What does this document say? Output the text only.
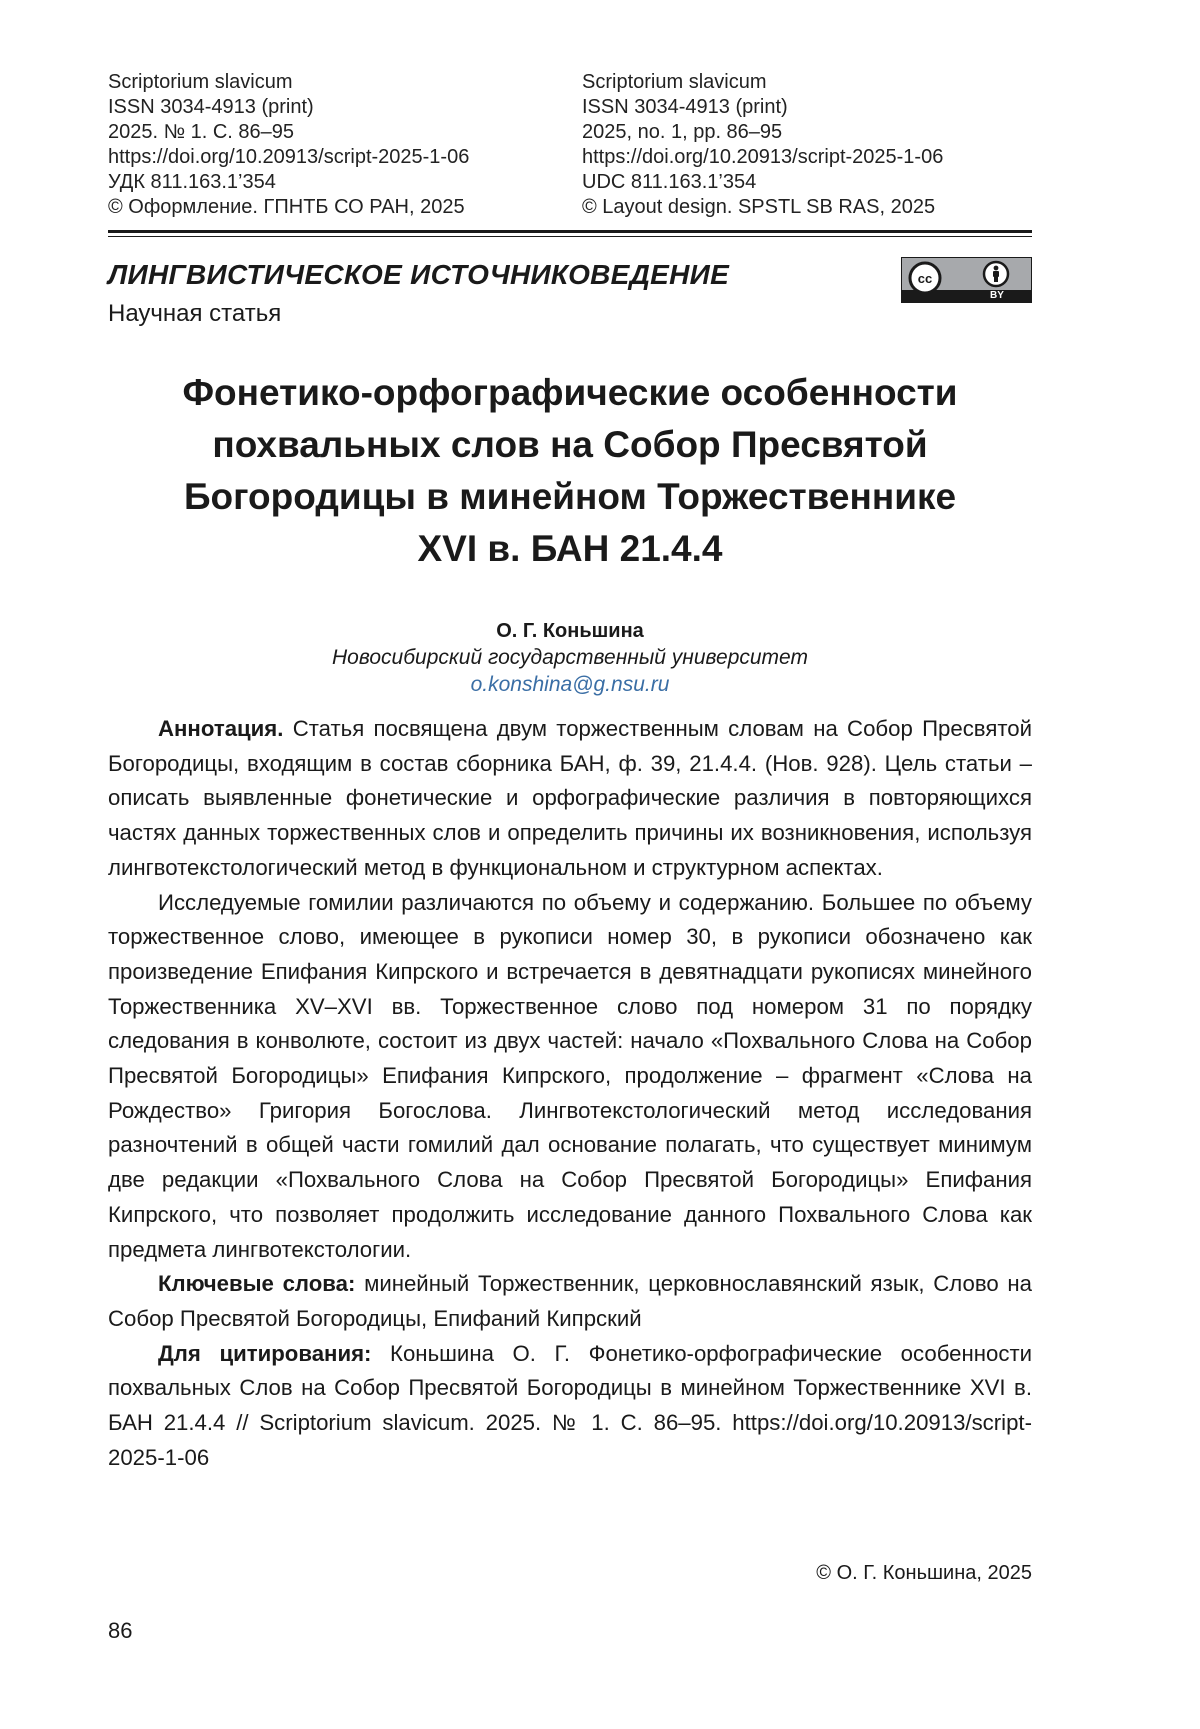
Scriptorium slavicum
ISSN 3034-4913 (print)
2025. № 1. С. 86–95
https://doi.org/10.20913/script-2025-1-06
УДК 811.163.1’354
© Оформление. ГПНТБ СО РАН, 2025
Scriptorium slavicum
ISSN 3034-4913 (print)
2025, no. 1, pp. 86–95
https://doi.org/10.20913/script-2025-1-06
UDC 811.163.1’354
© Layout design. SPSTL SB RAS, 2025
ЛИНГВИСТИЧЕСКОЕ ИСТОЧНИКОВЕДЕНИЕ
Научная статья
cc
BY
Фонетико-орфографические особенности
похвальных слов на Собор Пресвятой
Богородицы в минейном Торжественнике
XVI в. БАН 21.4.4
О. Г. Коньшина
Новосибирский государственный университет
o.konshina@g.nsu.ru

Аннотация. Статья посвящена двум торжественным словам на Собор Пресвятой Богородицы, входящим в состав сборника БАН, ф. 39, 21.4.4. (Нов. 928). Цель статьи – описать выявленные фонетические и орфографические различия в повторяющихся частях данных торжественных слов и определить причины их возникновения, используя лингвотекстологический метод в функциональном и структурном аспектах.

Исследуемые гомилии различаются по объему и содержанию. Большее по объему торжественное слово, имеющее в рукописи номер 30, в рукописи обозначено как произведение Епифания Кипрского и встречается в девятнадцати рукописях минейного Торжественника XV–XVI вв. Торжественное слово под номером 31 по порядку следования в конволюте, состоит из двух частей: начало «Похвального Слова на Собор Пресвятой Богородицы» Епифания Кипрского, продолжение – фрагмент «Слова на Рождество» Григория Богослова. Лингвотекстологический метод исследования разночтений в общей части гомилий дал основание полагать, что существует минимум две редакции «Похвального Слова на Собор Пресвятой Богородицы» Епифания Кипрского, что позволяет продолжить исследование данного Похвального Слова как предмета лингвотекстологии.

Ключевые слова: минейный Торжественник, церковнославянский язык, Слово на Собор Пресвятой Богородицы, Епифаний Кипрский

Для цитирования: Коньшина О. Г. Фонетико-орфографические особенности похвальных Слов на Собор Пресвятой Богородицы в минейном Торжественнике XVI в. БАН 21.4.4 // Scriptorium slavicum. 2025. № 1. С. 86–95. https://doi.org/10.20913/script-2025-1-06

© О. Г. Коньшина, 2025
86
